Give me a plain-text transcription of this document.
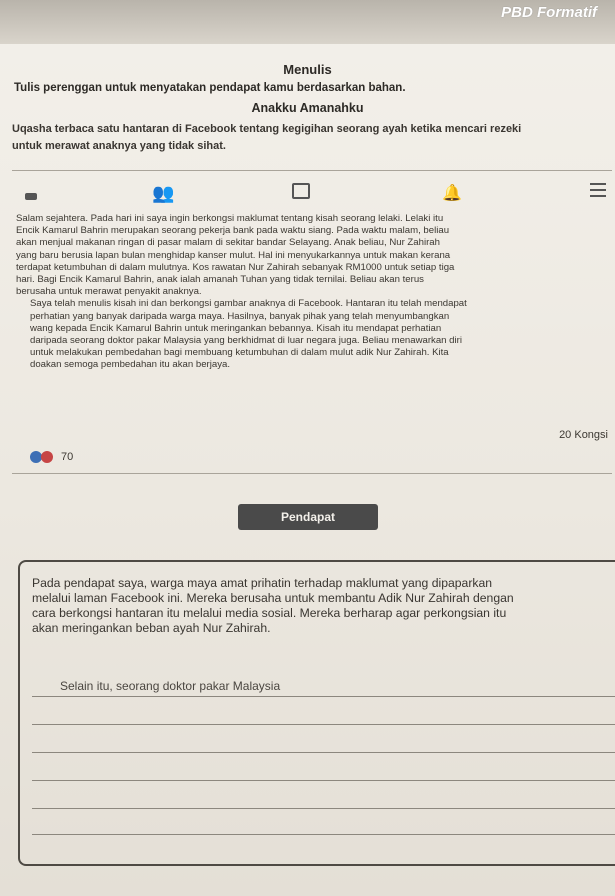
PBD Formatif
Menulis
Tulis perenggan untuk menyatakan pendapat kamu berdasarkan bahan.
Anakku Amanahku
Uqasha terbaca satu hantaran di Facebook tentang kegigihan seorang ayah ketika mencari rezeki
untuk merawat anaknya yang tidak sihat.
👥	🔔

Salam sejahtera. Pada hari ini saya ingin berkongsi maklumat tentang kisah seorang lelaki. Lelaki itu
Encik Kamarul Bahrin merupakan seorang pekerja bank pada waktu siang. Pada waktu malam, beliau
akan menjual makanan ringan di pasar malam di sekitar bandar Selayang. Anak beliau, Nur Zahirah
yang baru berusia lapan bulan menghidap kanser mulut. Hal ini menyukarkannya untuk makan kerana
terdapat ketumbuhan di dalam mulutnya. Kos rawatan Nur Zahirah sebanyak RM1000 untuk setiap tiga
hari. Bagi Encik Kamarul Bahrin, anak ialah amanah Tuhan yang tidak ternilai. Beliau akan terus
berusaha untuk merawat penyakit anaknya.

Saya telah menulis kisah ini dan berkongsi gambar anaknya di Facebook. Hantaran itu telah mendapat
perhatian yang banyak daripada warga maya. Hasilnya, banyak pihak yang telah menyumbangkan
wang kepada Encik Kamarul Bahrin untuk meringankan bebannya. Kisah itu mendapat perhatian
daripada seorang doktor pakar Malaysia yang berkhidmat di luar negara juga. Beliau menawarkan diri
untuk melakukan pembedahan bagi membuang ketumbuhan di dalam mulut adik Nur Zahirah. Kita
doakan semoga pembedahan itu akan berjaya.

20 Kongsi
70
Pendapat
Pada pendapat saya, warga maya amat prihatin terhadap maklumat yang dipaparkan
melalui laman Facebook ini. Mereka berusaha untuk membantu Adik Nur Zahirah dengan
cara berkongsi hantaran itu melalui media sosial. Mereka berharap agar perkongsian itu
akan meringankan beban ayah Nur Zahirah.
Selain itu, seorang doktor pakar Malaysia
